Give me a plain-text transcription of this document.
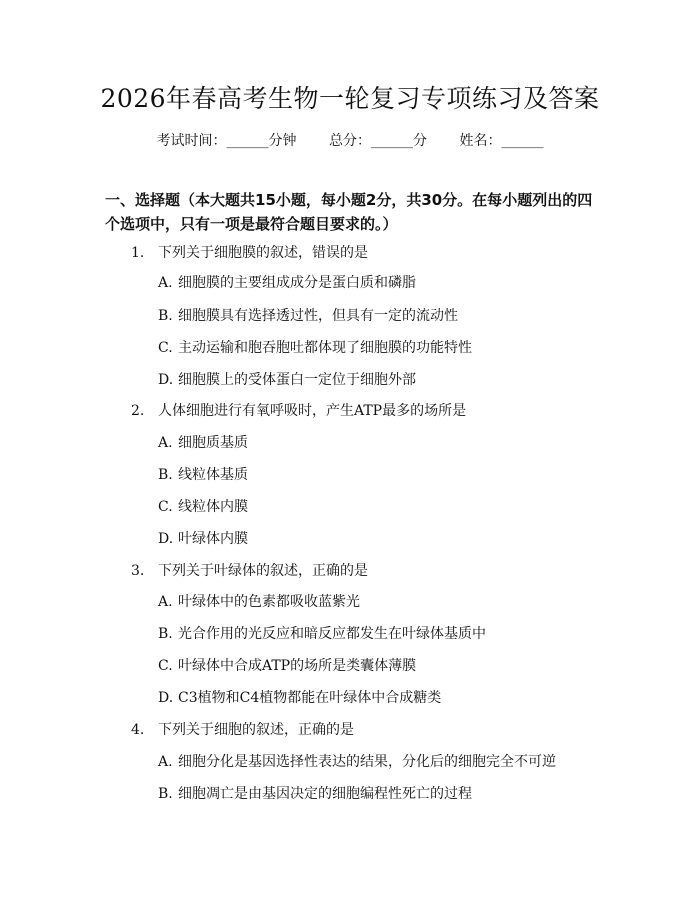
2026年春高考生物一轮复习专项练习及答案
考试时间：______分钟 总分：______分 姓名：______
一、选择题（本大题共15小题，每小题2分，共30分。在每小题列出的四个选项中，只有一项是最符合题目要求的。）
1. 下列关于细胞膜的叙述，错误的是
A. 细胞膜的主要组成成分是蛋白质和磷脂
B. 细胞膜具有选择透过性，但具有一定的流动性
C. 主动运输和胞吞胞吐都体现了细胞膜的功能特性
D. 细胞膜上的受体蛋白一定位于细胞外部
2. 人体细胞进行有氧呼吸时，产生ATP最多的场所是
A. 细胞质基质
B. 线粒体基质
C. 线粒体内膜
D. 叶绿体内膜
3. 下列关于叶绿体的叙述，正确的是
A. 叶绿体中的色素都吸收蓝紫光
B. 光合作用的光反应和暗反应都发生在叶绿体基质中
C. 叶绿体中合成ATP的场所是类囊体薄膜
D. C3植物和C4植物都能在叶绿体中合成糖类
4. 下列关于细胞的叙述，正确的是
A. 细胞分化是基因选择性表达的结果，分化后的细胞完全不可逆
B. 细胞凋亡是由基因决定的细胞编程性死亡的过程
